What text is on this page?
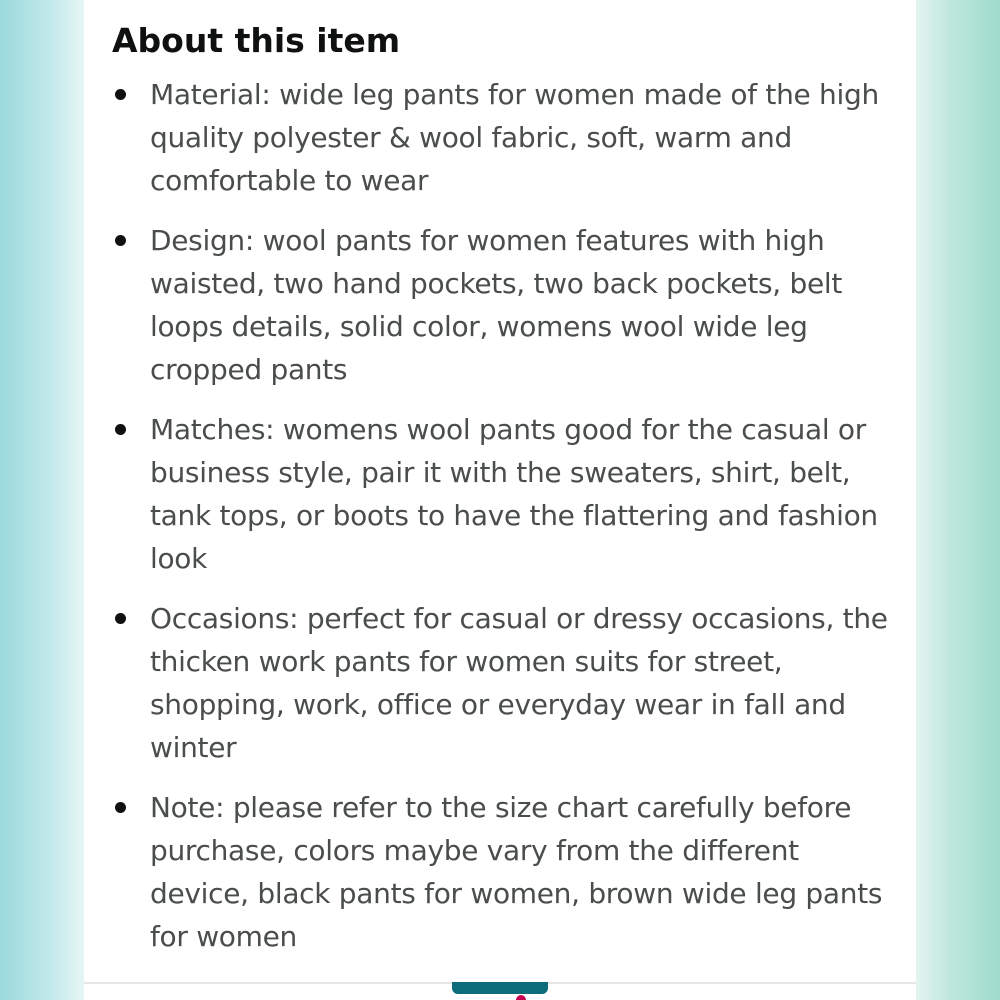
About this item
Material: wide leg pants for women made of the high quality polyester & wool fabric, soft, warm and comfortable to wear
Design: wool pants for women features with high waisted, two hand pockets, two back pockets, belt loops details, solid color, womens wool wide leg cropped pants
Matches: womens wool pants good for the casual or business style, pair it with the sweaters, shirt, belt, tank tops, or boots to have the flattering and fashion look
Occasions: perfect for casual or dressy occasions, the thicken work pants for women suits for street, shopping, work, office or everyday wear in fall and winter
Note: please refer to the size chart carefully before purchase, colors maybe vary from the different device, black pants for women, brown wide leg pants for women
